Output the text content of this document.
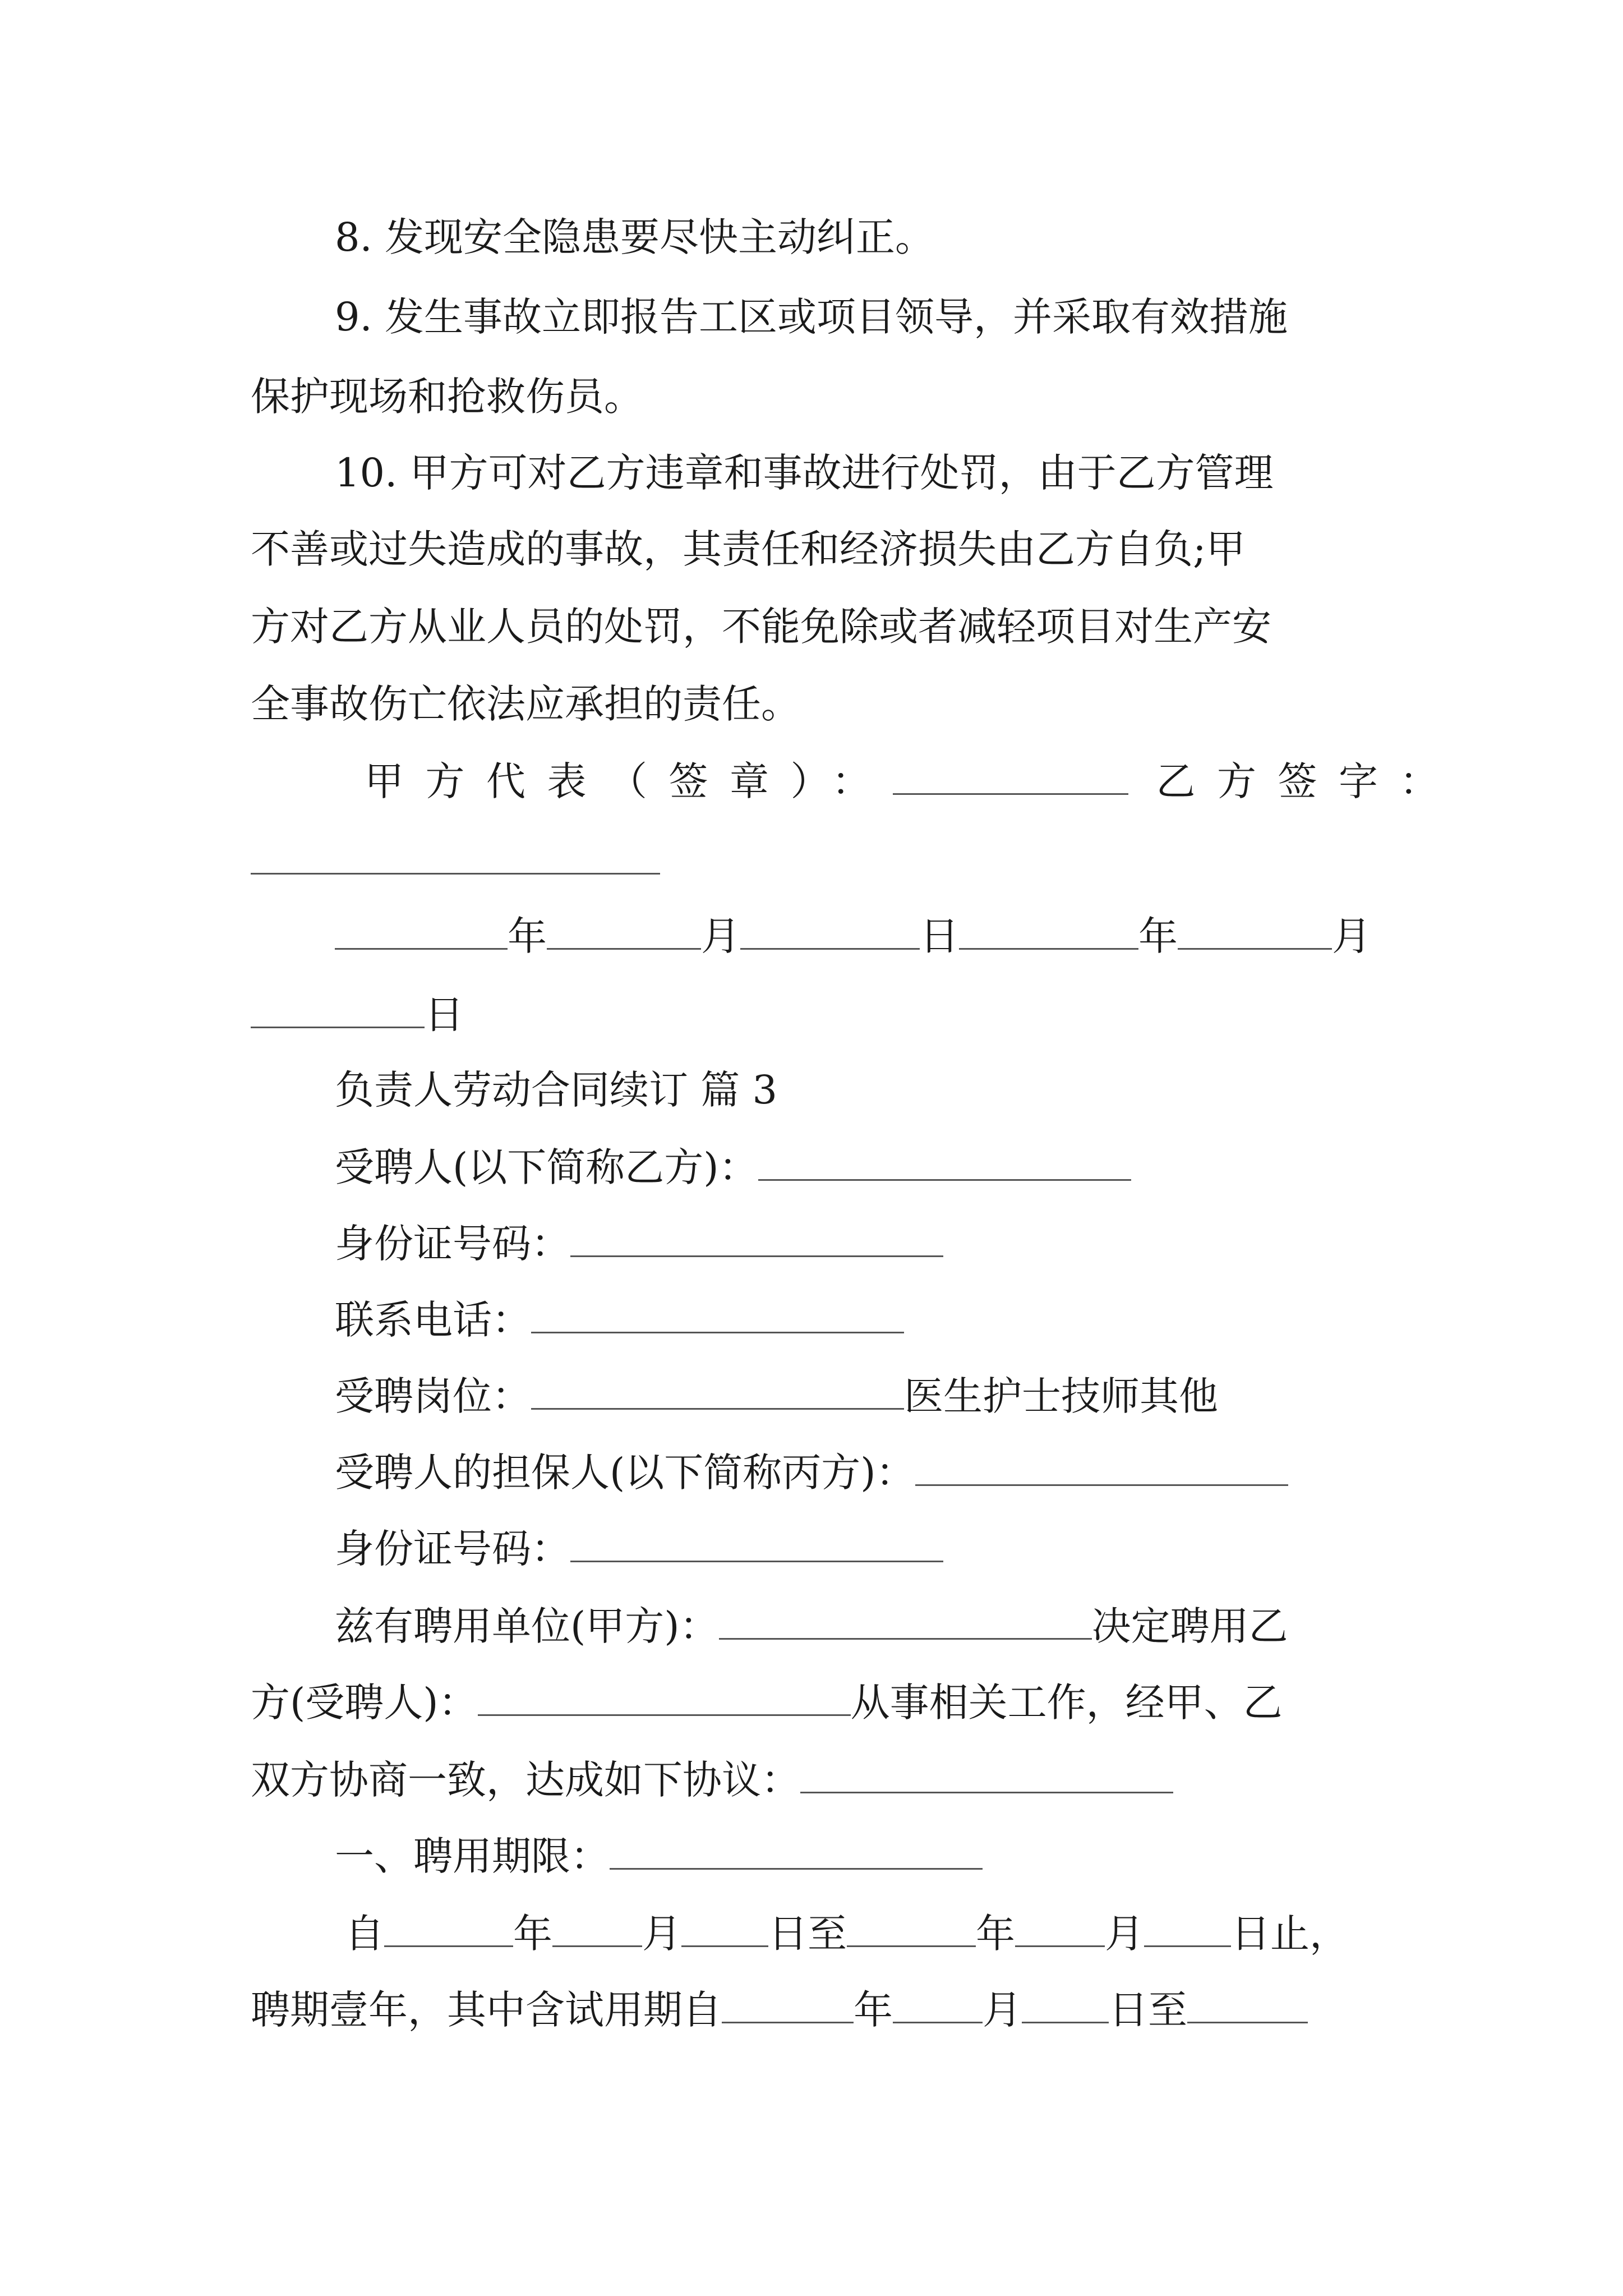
8. 发现安全隐患要尽快主动纠正。
9. 发生事故立即报告工区或项目领导，并采取有效措施
保护现场和抢救伤员。
10. 甲方可对乙方违章和事故进行处罚，由于乙方管理
不善或过失造成的事故，其责任和经济损失由乙方自负;甲
方对乙方从业人员的处罚，不能免除或者减轻项目对生产安
全事故伤亡依法应承担的责任。
甲方代表（签章）：	乙方签字：
年	月	日	年	月
日
负责人劳动合同续订 篇 3
受聘人(以下简称乙方)：
身份证号码：
联系电话：
受聘岗位：	医生护士技师其他
受聘人的担保人(以下简称丙方)：
身份证号码：
兹有聘用单位(甲方)：	决定聘用乙
方(受聘人)：	从事相关工作，经甲、乙
双方协商一致，达成如下协议：
一、聘用期限：
自	年 月 日至	年 月 日止，
聘期壹年，其中含试用期自	年 月 日至
